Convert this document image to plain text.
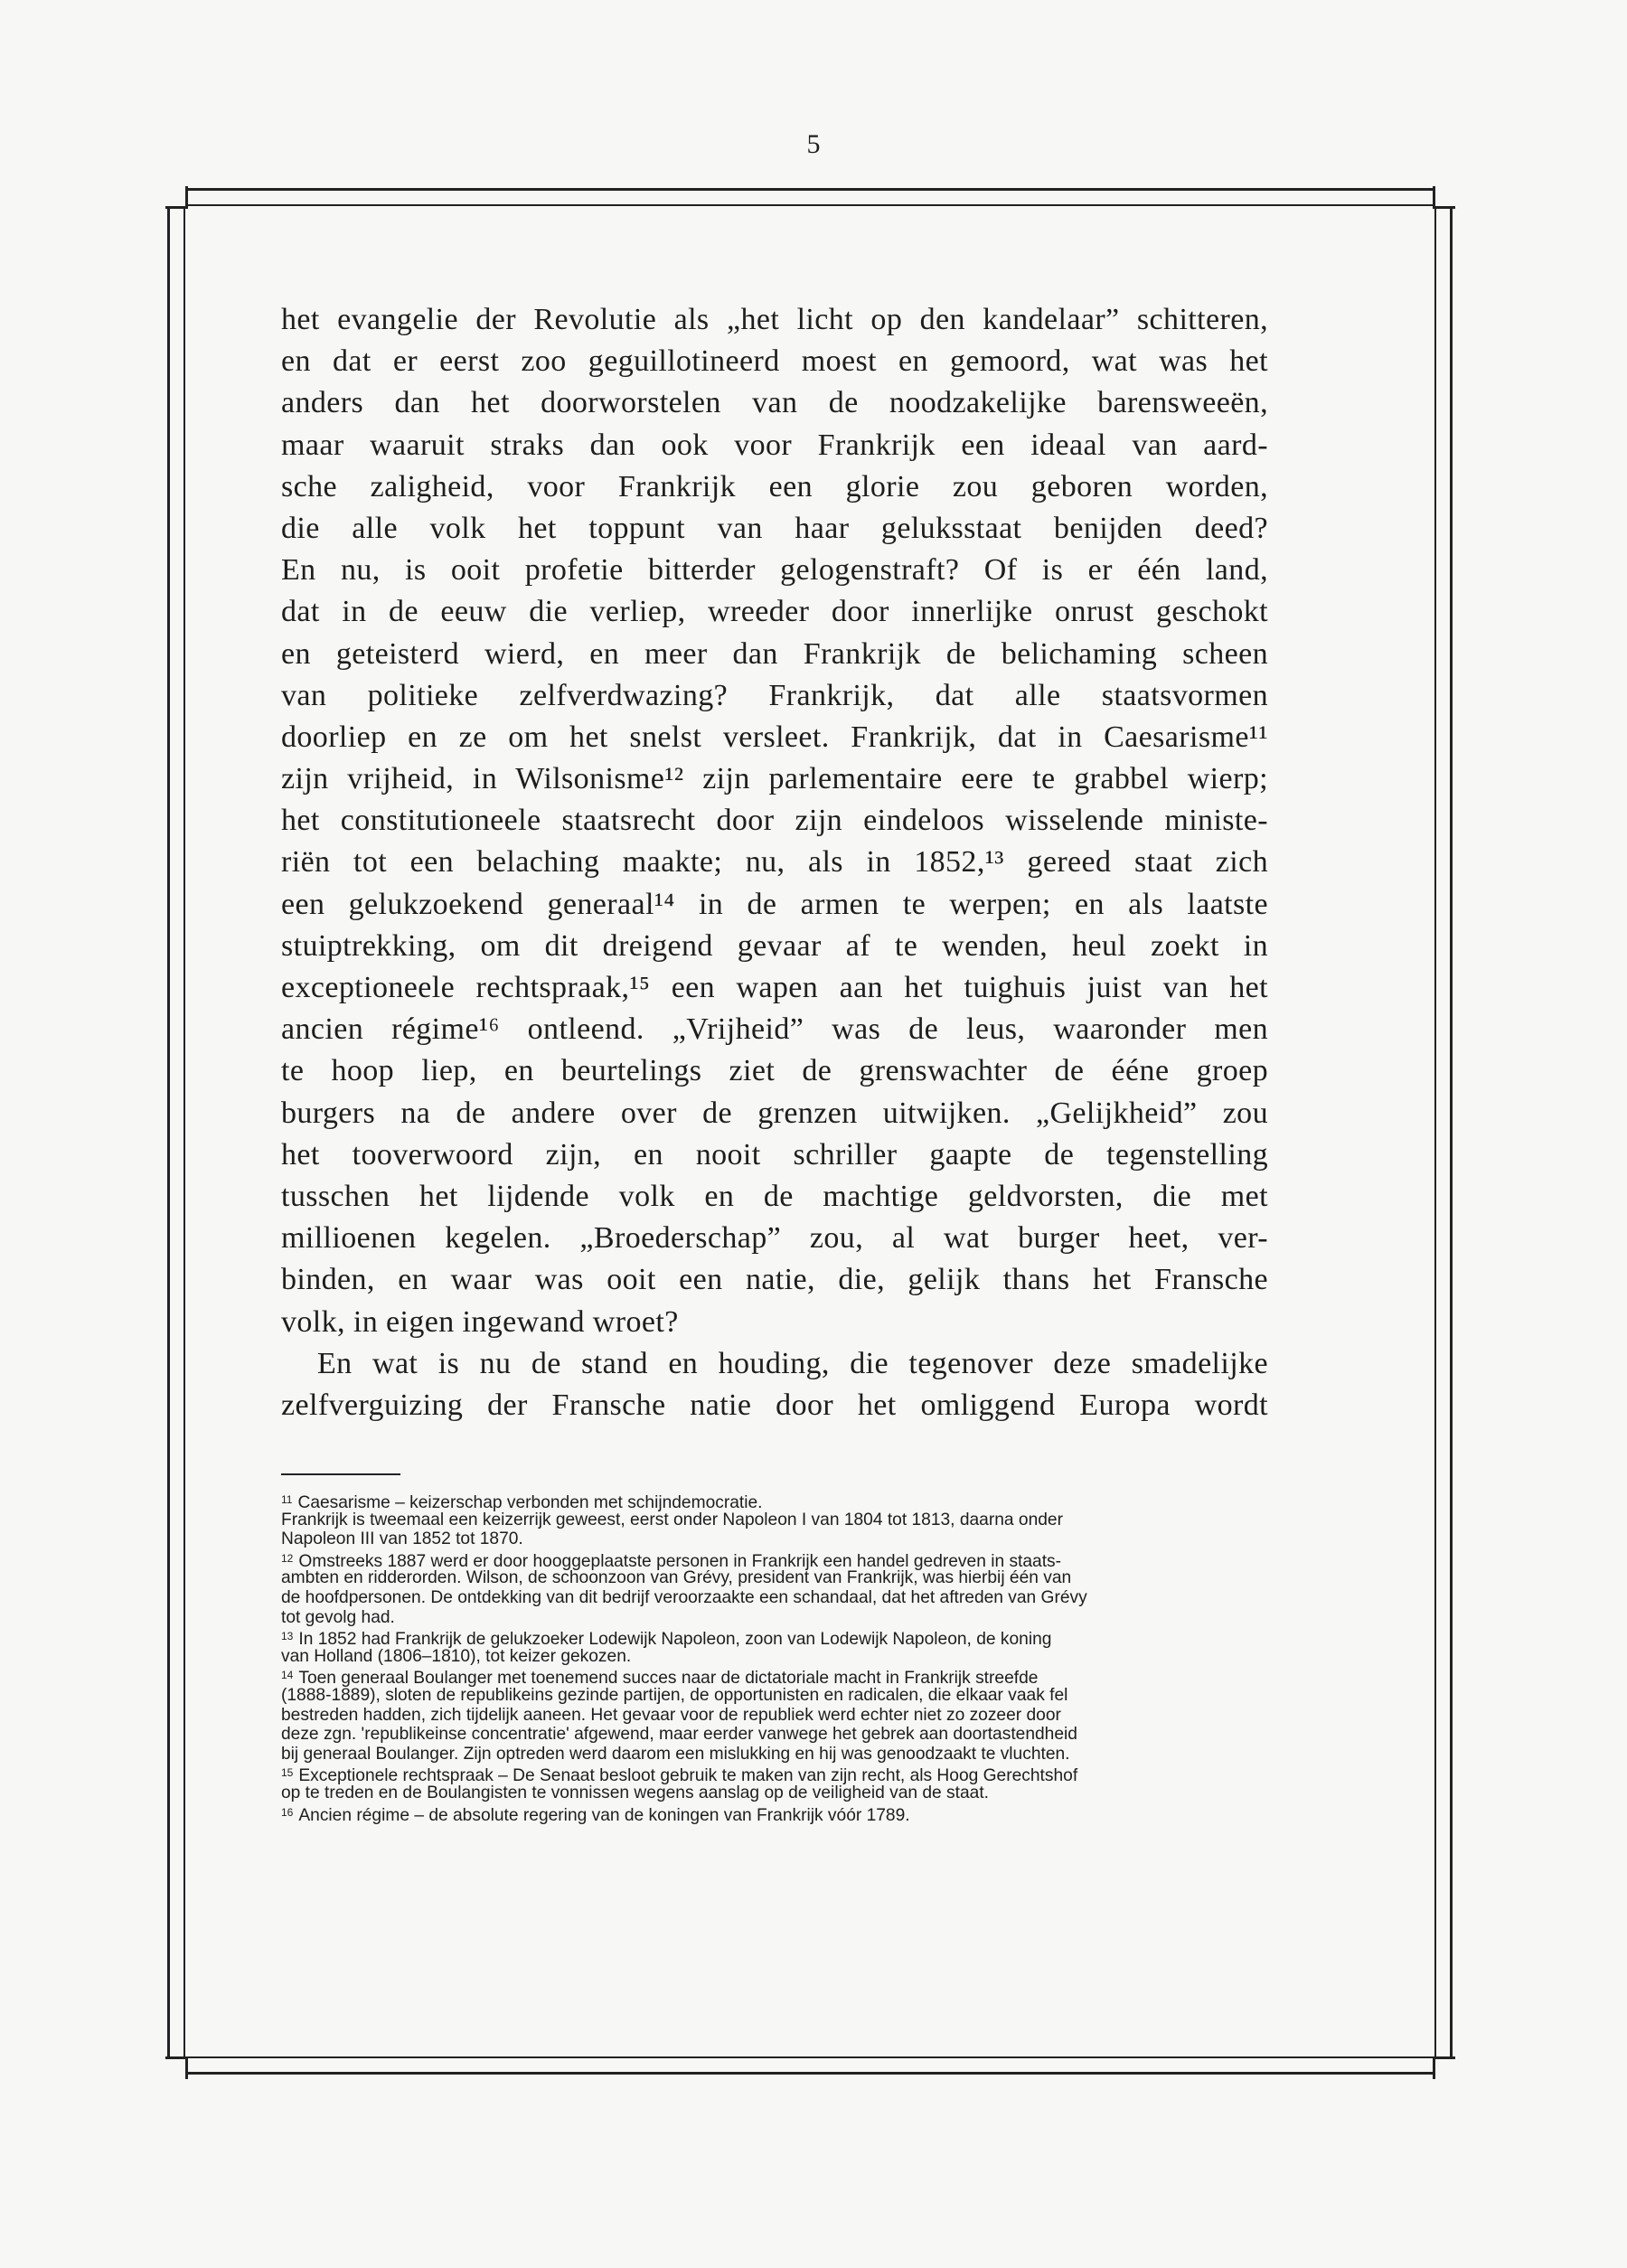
5
het evangelie der Revolutie als „het licht op den kandelaar” schitteren,
en dat er eerst zoo geguillotineerd moest en gemoord, wat was het
anders dan het doorworstelen van de noodzakelijke barensweeën,
maar waaruit straks dan ook voor Frankrijk een ideaal van aard-
sche zaligheid, voor Frankrijk een glorie zou geboren worden,
die alle volk het toppunt van haar geluksstaat benijden deed?
En nu, is ooit profetie bitterder gelogenstraft? Of is er één land,
dat in de eeuw die verliep, wreeder door innerlijke onrust geschokt
en geteisterd wierd, en meer dan Frankrijk de belichaming scheen
van politieke zelfverdwazing? Frankrijk, dat alle staatsvormen
doorliep en ze om het snelst versleet. Frankrijk, dat in Caesarisme¹¹
zijn vrijheid, in Wilsonisme¹² zijn parlementaire eere te grabbel wierp;
het constitutioneele staatsrecht door zijn eindeloos wisselende ministe-
riën tot een belaching maakte; nu, als in 1852,¹³ gereed staat zich
een gelukzoekend generaal¹⁴ in de armen te werpen; en als laatste
stuiptrekking, om dit dreigend gevaar af te wenden, heul zoekt in
exceptioneele rechtspraak,¹⁵ een wapen aan het tuighuis juist van het
ancien régime¹⁶ ontleend. „Vrijheid” was de leus, waaronder men
te hoop liep, en beurtelings ziet de grenswachter de ééne groep
burgers na de andere over de grenzen uitwijken. „Gelijkheid” zou
het tooverwoord zijn, en nooit schriller gaapte de tegenstelling
tusschen het lijdende volk en de machtige geldvorsten, die met
millioenen kegelen. „Broederschap” zou, al wat burger heet, ver-
binden, en waar was ooit een natie, die, gelijk thans het Fransche
volk, in eigen ingewand wroet?
En wat is nu de stand en houding, die tegenover deze smadelijke
zelfverguizing der Fransche natie door het omliggend Europa wordt
$^{11}$ Caesarisme – keizerschap verbonden met schijndemocratie.
Frankrijk is tweemaal een keizerrijk geweest, eerst onder Napoleon I van 1804 tot 1813, daarna onder
Napoleon III van 1852 tot 1870.
$^{12}$ Omstreeks 1887 werd er door hooggeplaatste personen in Frankrijk een handel gedreven in staats-
ambten en ridderorden. Wilson, de schoonzoon van Grévy, president van Frankrijk, was hierbij één van
de hoofdpersonen. De ontdekking van dit bedrijf veroorzaakte een schandaal, dat het aftreden van Grévy
tot gevolg had.
$^{13}$ In 1852 had Frankrijk de gelukzoeker Lodewijk Napoleon, zoon van Lodewijk Napoleon, de koning
van Holland (1806–1810), tot keizer gekozen.
$^{14}$ Toen generaal Boulanger met toenemend succes naar de dictatoriale macht in Frankrijk streefde
(1888-1889), sloten de republikeins gezinde partijen, de opportunisten en radicalen, die elkaar vaak fel
bestreden hadden, zich tijdelijk aaneen. Het gevaar voor de republiek werd echter niet zo zozeer door
deze zgn. 'republikeinse concentratie' afgewend, maar eerder vanwege het gebrek aan doortastendheid
bij generaal Boulanger. Zijn optreden werd daarom een mislukking en hij was genoodzaakt te vluchten.
$^{15}$ Exceptionele rechtspraak – De Senaat besloot gebruik te maken van zijn recht, als Hoog Gerechtshof
op te treden en de Boulangisten te vonnissen wegens aanslag op de veiligheid van de staat.
$^{16}$ Ancien régime – de absolute regering van de koningen van Frankrijk vóór 1789.
